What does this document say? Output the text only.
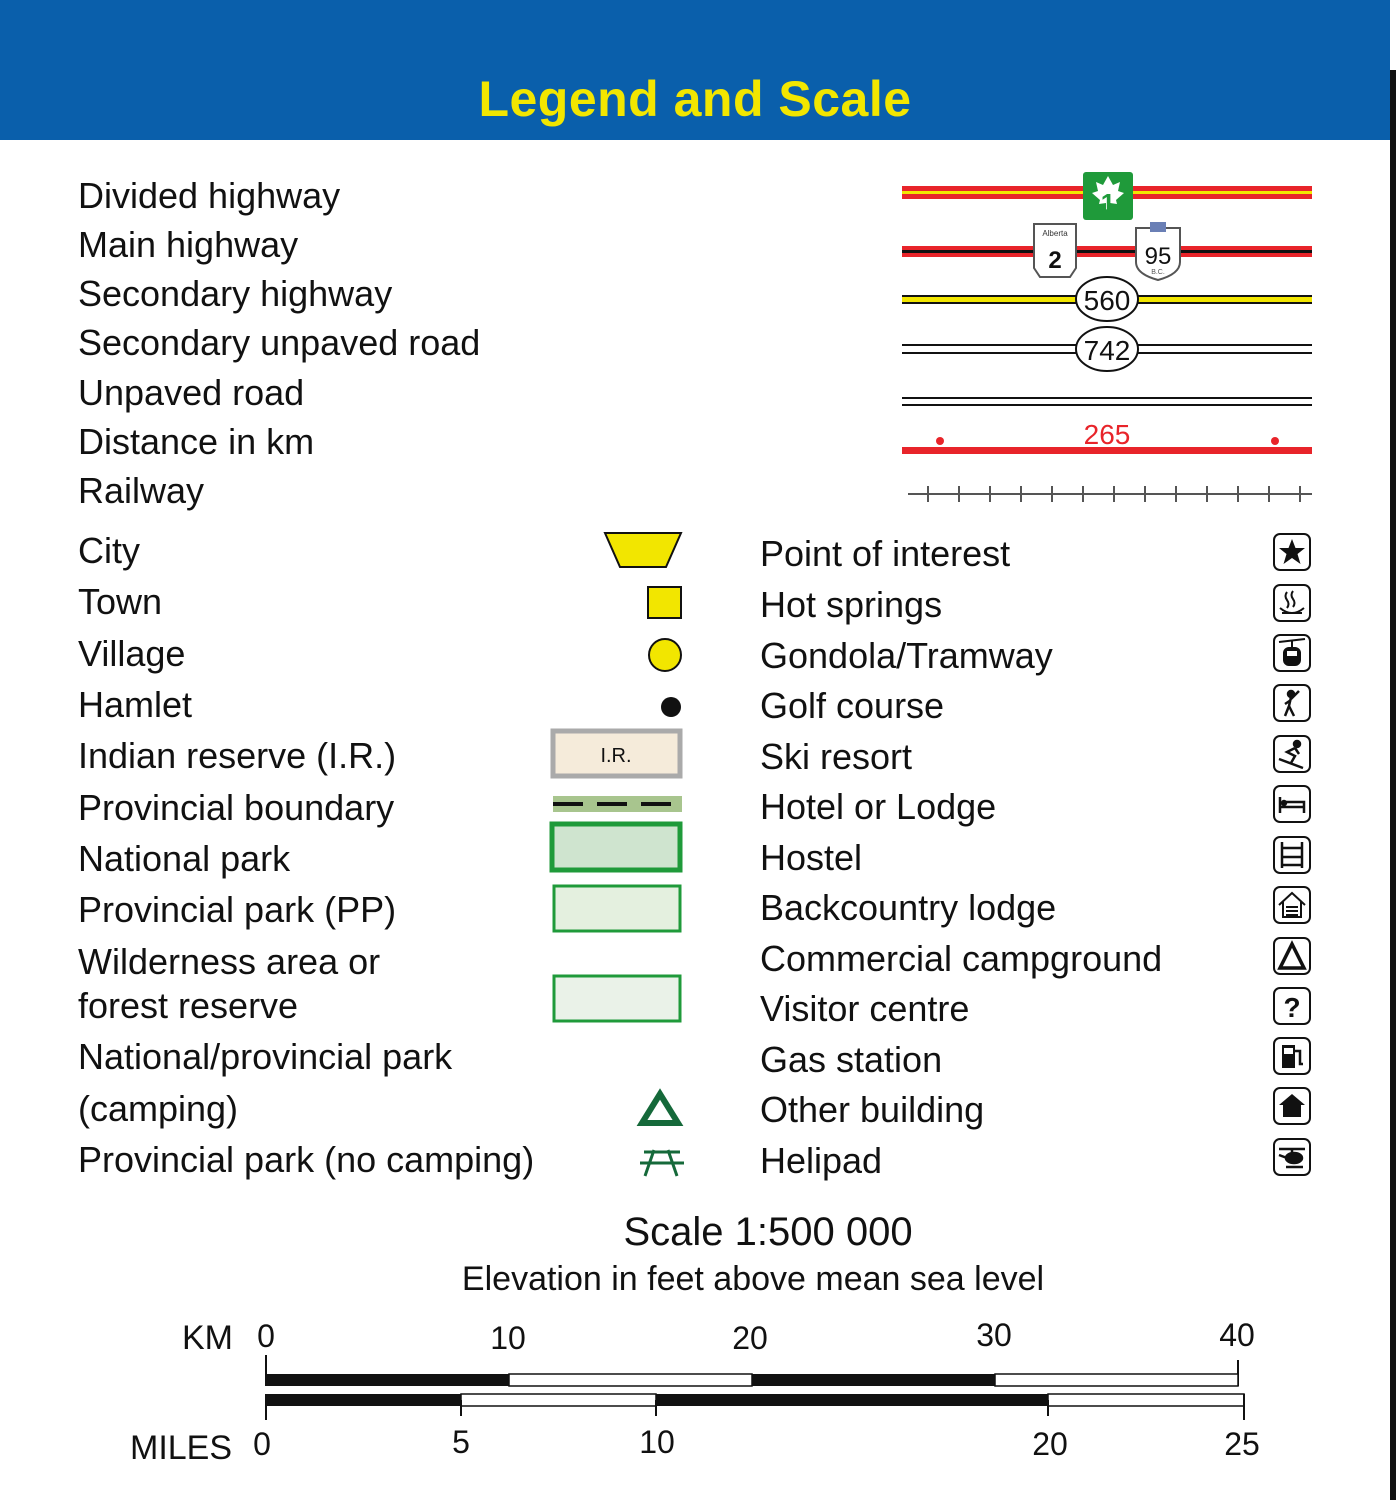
Legend and Scale
Divided highway
Main highway
Secondary highway
Secondary unpaved road
Unpaved road
Distance in km
Railway
1
Alberta
2	95
B.C.
560
742
265
City
Town
Village
Hamlet
Indian reserve (I.R.)
Provincial boundary
National park
Provincial park (PP)
Wilderness area or
forest reserve
National/provincial park
(camping)
Provincial park (no camping)
I.R.
Point of interest
Hot springs
Gondola/Tramway
Golf course
Ski resort
Hotel or Lodge
Hostel
Backcountry lodge
Commercial campground
Visitor centre
Gas station
Other building
Helipad
?
Scale 1:500 000
Elevation in feet above mean sea level
KM
MILES
0	10	20	30	40
0	5	10	20	25
